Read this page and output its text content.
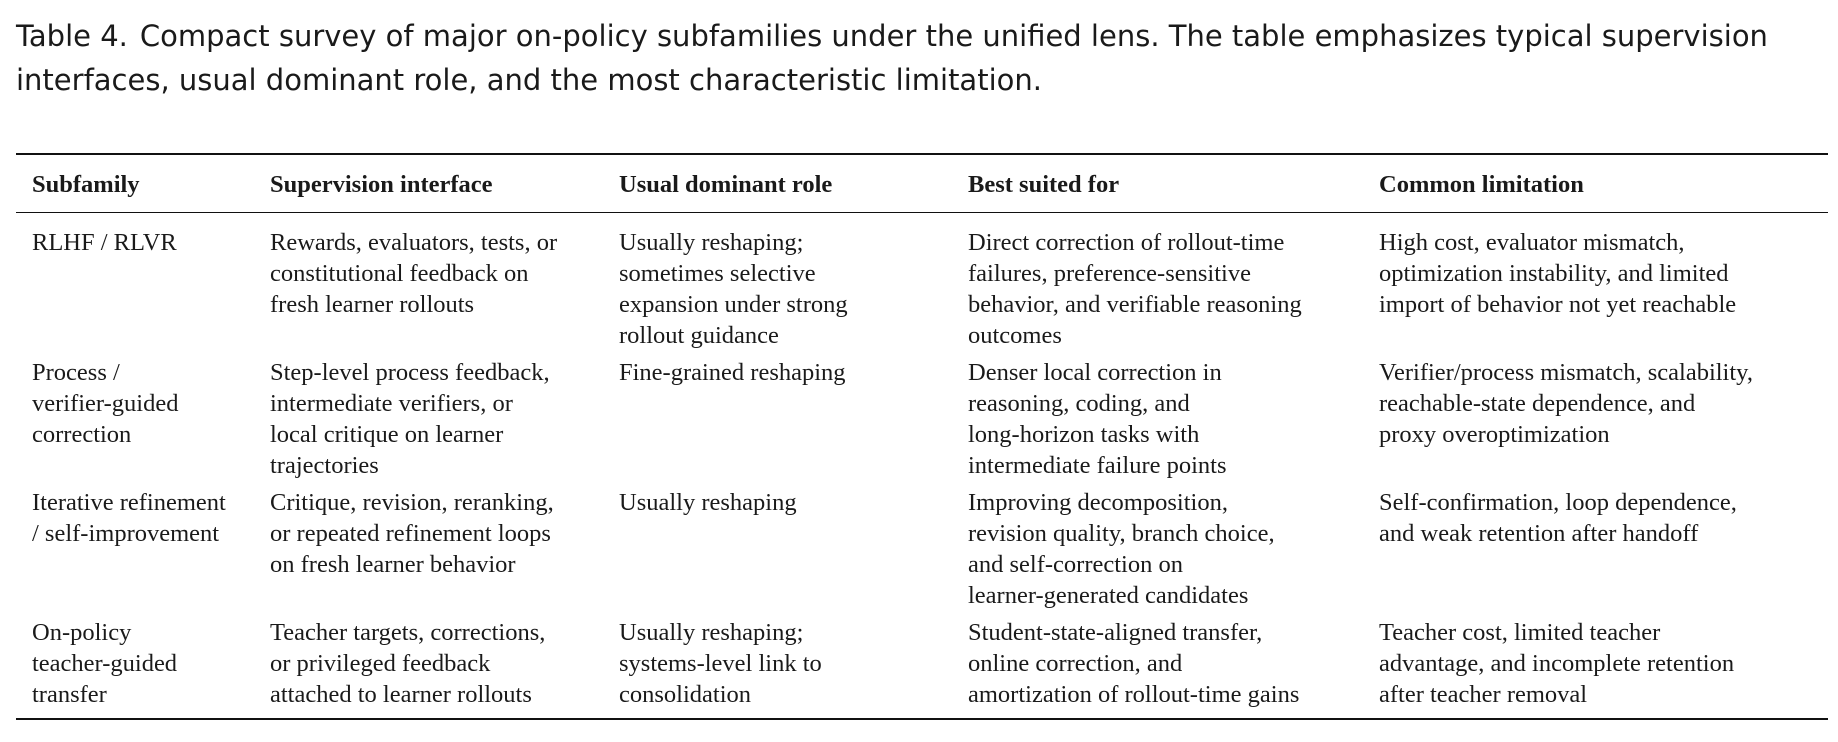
Table 4. Compact survey of major on-policy subfamilies under the unified lens. The table emphasizes typical supervision
interfaces, usual dominant role, and the most characteristic limitation.
Subfamily	Supervision interface	Usual dominant role	Best suited for	Common limitation

RLHF / RLVR	Rewards, evaluators, tests, or
constitutional feedback on
fresh learner rollouts	Usually reshaping;
sometimes selective
expansion under strong
rollout guidance	Direct correction of rollout-time
failures, preference-sensitive
behavior, and verifiable reasoning
outcomes	High cost, evaluator mismatch,
optimization instability, and limited
import of behavior not yet reachable

Process /
verifier-guided
correction	Step-level process feedback,
intermediate verifiers, or
local critique on learner
trajectories	Fine-grained reshaping	Denser local correction in
reasoning, coding, and
long-horizon tasks with
intermediate failure points	Verifier/process mismatch, scalability,
reachable-state dependence, and
proxy overoptimization

Iterative refinement
/ self-improvement	Critique, revision, reranking,
or repeated refinement loops
on fresh learner behavior	Usually reshaping	Improving decomposition,
revision quality, branch choice,
and self-correction on
learner-generated candidates	Self-confirmation, loop dependence,
and weak retention after handoff

On-policy
teacher-guided
transfer	Teacher targets, corrections,
or privileged feedback
attached to learner rollouts	Usually reshaping;
systems-level link to
consolidation	Student-state-aligned transfer,
online correction, and
amortization of rollout-time gains	Teacher cost, limited teacher
advantage, and incomplete retention
after teacher removal
